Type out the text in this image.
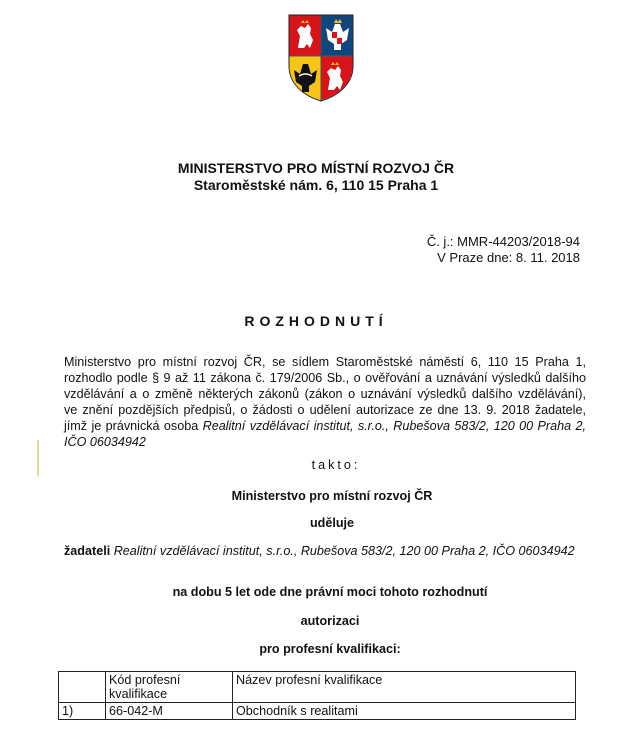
MINISTERSTVO PRO MÍSTNÍ ROZVOJ ČR
Staroměstské nám. 6, 110 15 Praha 1
Č. j.: MMR-44203/2018-94
V Praze dne: 8. 11. 2018
ROZHODNUTÍ
Ministerstvo pro místní rozvoj ČR, se sídlem Staroměstské náměstí 6, 110 15 Praha 1,
rozhodlo podle § 9 až 11 zákona č. 179/2006 Sb., o ověřování a uznávání výsledků dalšího
vzdělávání a o změně některých zákonů (zákon o uznávání výsledků dalšího vzdělávání),
ve znění pozdějších předpisů, o žádosti o udělení autorizace ze dne 13. 9. 2018 žadatele,
jímž je právnická osoba Realitní vzdělávací institut, s.r.o., Rubešova 583/2, 120 00 Praha 2,
IČO 06034942
takto:
Ministerstvo pro místní rozvoj ČR
uděluje
žadateli Realitní vzdělávací institut, s.r.o., Rubešova 583/2, 120 00 Praha 2, IČO 06034942
na dobu 5 let ode dne právní moci tohoto rozhodnutí
autorizaci
pro profesní kvalifikaci:
	Kód profesní kvalifikace	Název profesní kvalifikace
1)	66-042-M	Obchodník s realitami
